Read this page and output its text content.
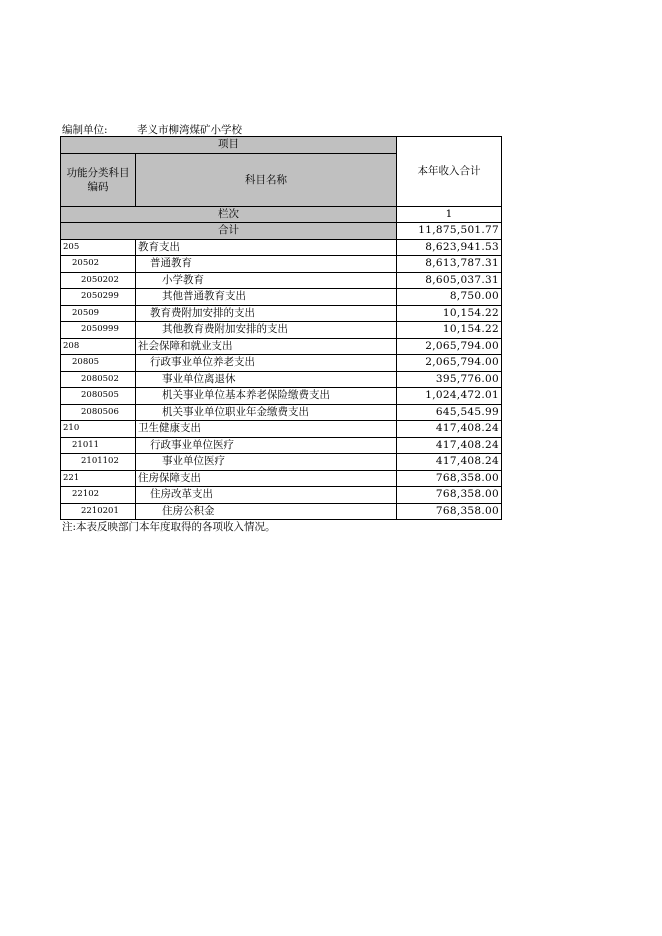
编制单位:	孝义市柳湾煤矿小学校
项目		本年收入合计
功能分类科目编码	科目名称	
栏次		1
合计		11,875,501.77
205	教育支出	8,623,941.53
20502	普通教育	8,613,787.31
2050202	小学教育	8,605,037.31
2050299	其他普通教育支出	8,750.00
20509	教育费附加安排的支出	10,154.22
2050999	其他教育费附加安排的支出	10,154.22
208	社会保障和就业支出	2,065,794.00
20805	行政事业单位养老支出	2,065,794.00
2080502	事业单位离退休	395,776.00
2080505	机关事业单位基本养老保险缴费支出	1,024,472.01
2080506	机关事业单位职业年金缴费支出	645,545.99
210	卫生健康支出	417,408.24
21011	行政事业单位医疗	417,408.24
2101102	事业单位医疗	417,408.24
221	住房保障支出	768,358.00
22102	住房改革支出	768,358.00
2210201	住房公积金	768,358.00
注:本表反映部门本年度取得的各项收入情况。
